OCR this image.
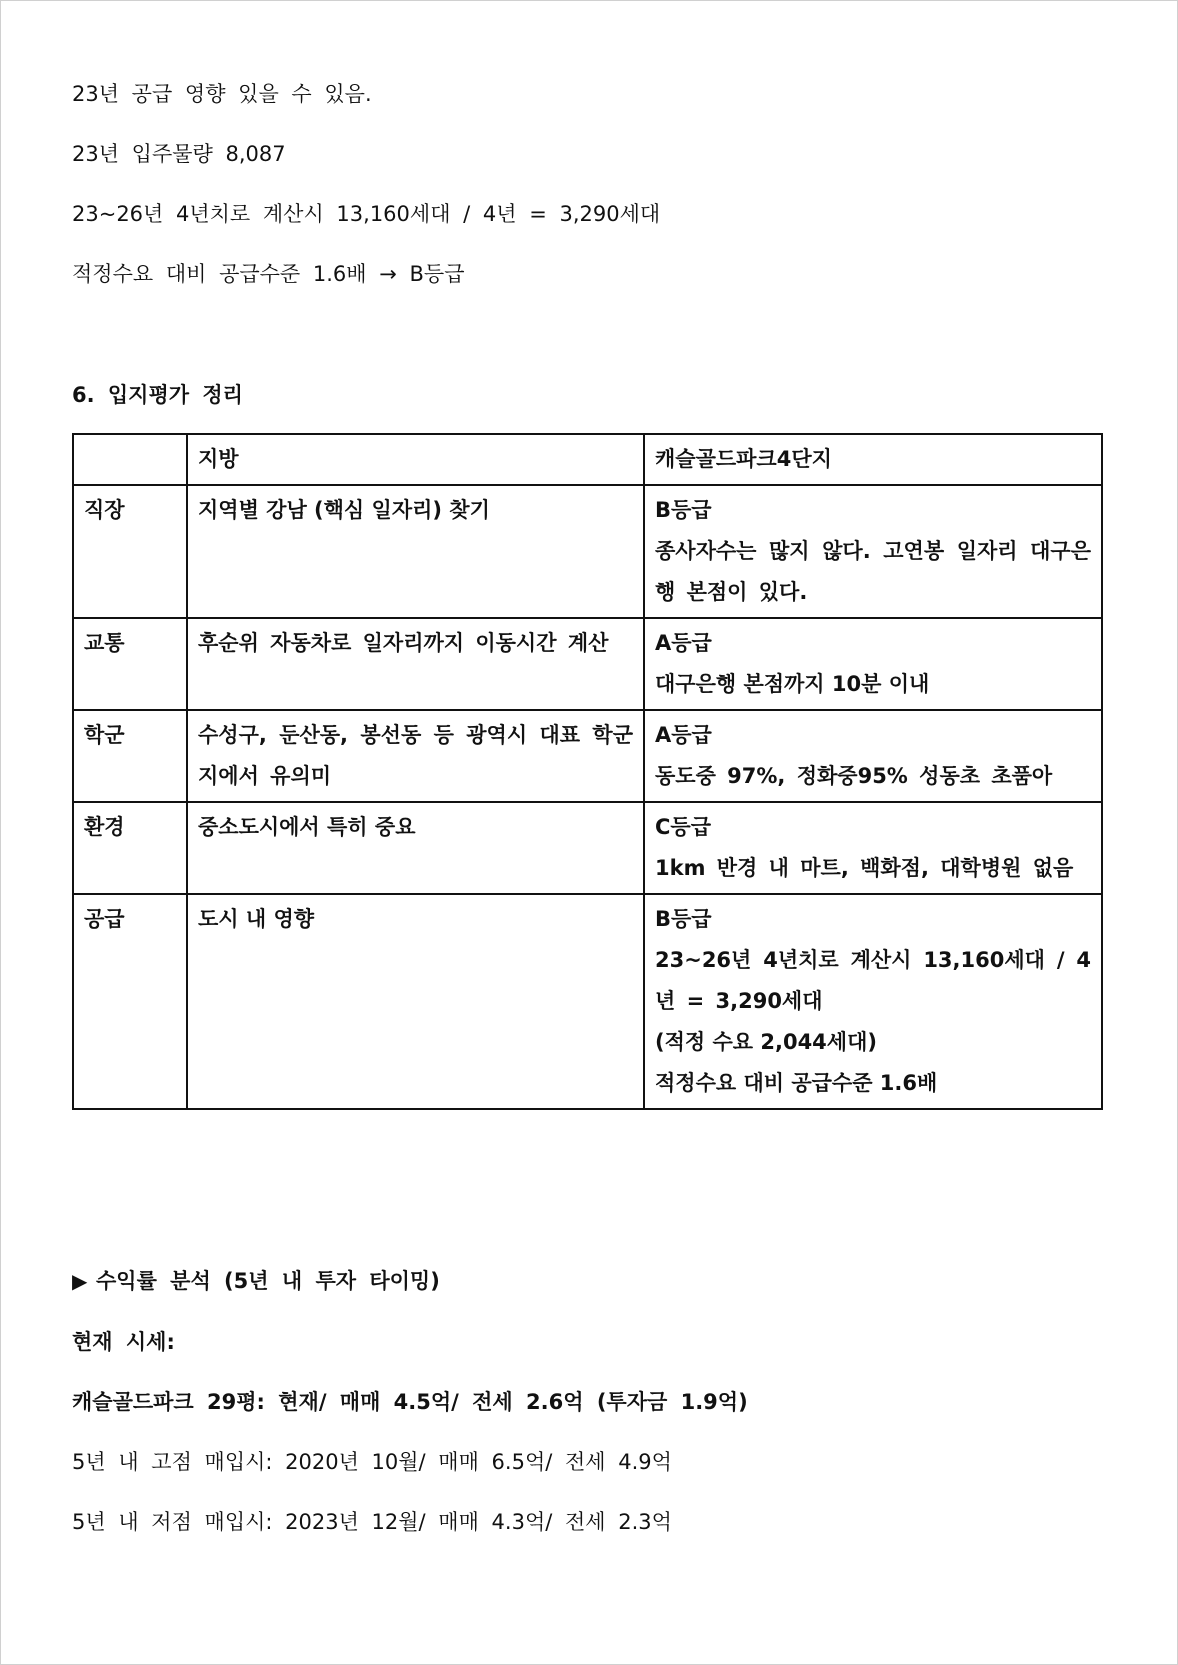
23년 공급 영향 있을 수 있음.
23년 입주물량 8,087
23~26년 4년치로 계산시 13,160세대 / 4년 = 3,290세대
적정수요 대비 공급수준 1.6배 → B등급
6. 입지평가 정리
	지방	캐슬골드파크4단지
직장	지역별 강남 (핵심 일자리) 찾기	B등급
종사자수는 많지 않다. 고연봉 일자리 대구은행 본점이 있다.

교통	후순위 자동차로 일자리까지 이동시간 계산	A등급
대구은행 본점까지 10분 이내

학군	수성구, 둔산동, 봉선동 등 광역시 대표 학군지에서 유의미	A등급
동도중 97%, 정화중95% 성동초 초품아

환경	중소도시에서 특히 중요	C등급
1km 반경 내 마트, 백화점, 대학병원 없음

공급	도시 내 영향	B등급
23~26년 4년치로 계산시 13,160세대 / 4년 = 3,290세대
(적정 수요 2,044세대)
적정수요 대비 공급수준 1.6배
▶ 수익률 분석 (5년 내 투자 타이밍)
현재 시세:
캐슬골드파크 29평: 현재/ 매매 4.5억/ 전세 2.6억 (투자금 1.9억)
5년 내 고점 매입시: 2020년 10월/ 매매 6.5억/ 전세 4.9억
5년 내 저점 매입시: 2023년 12월/ 매매 4.3억/ 전세 2.3억
